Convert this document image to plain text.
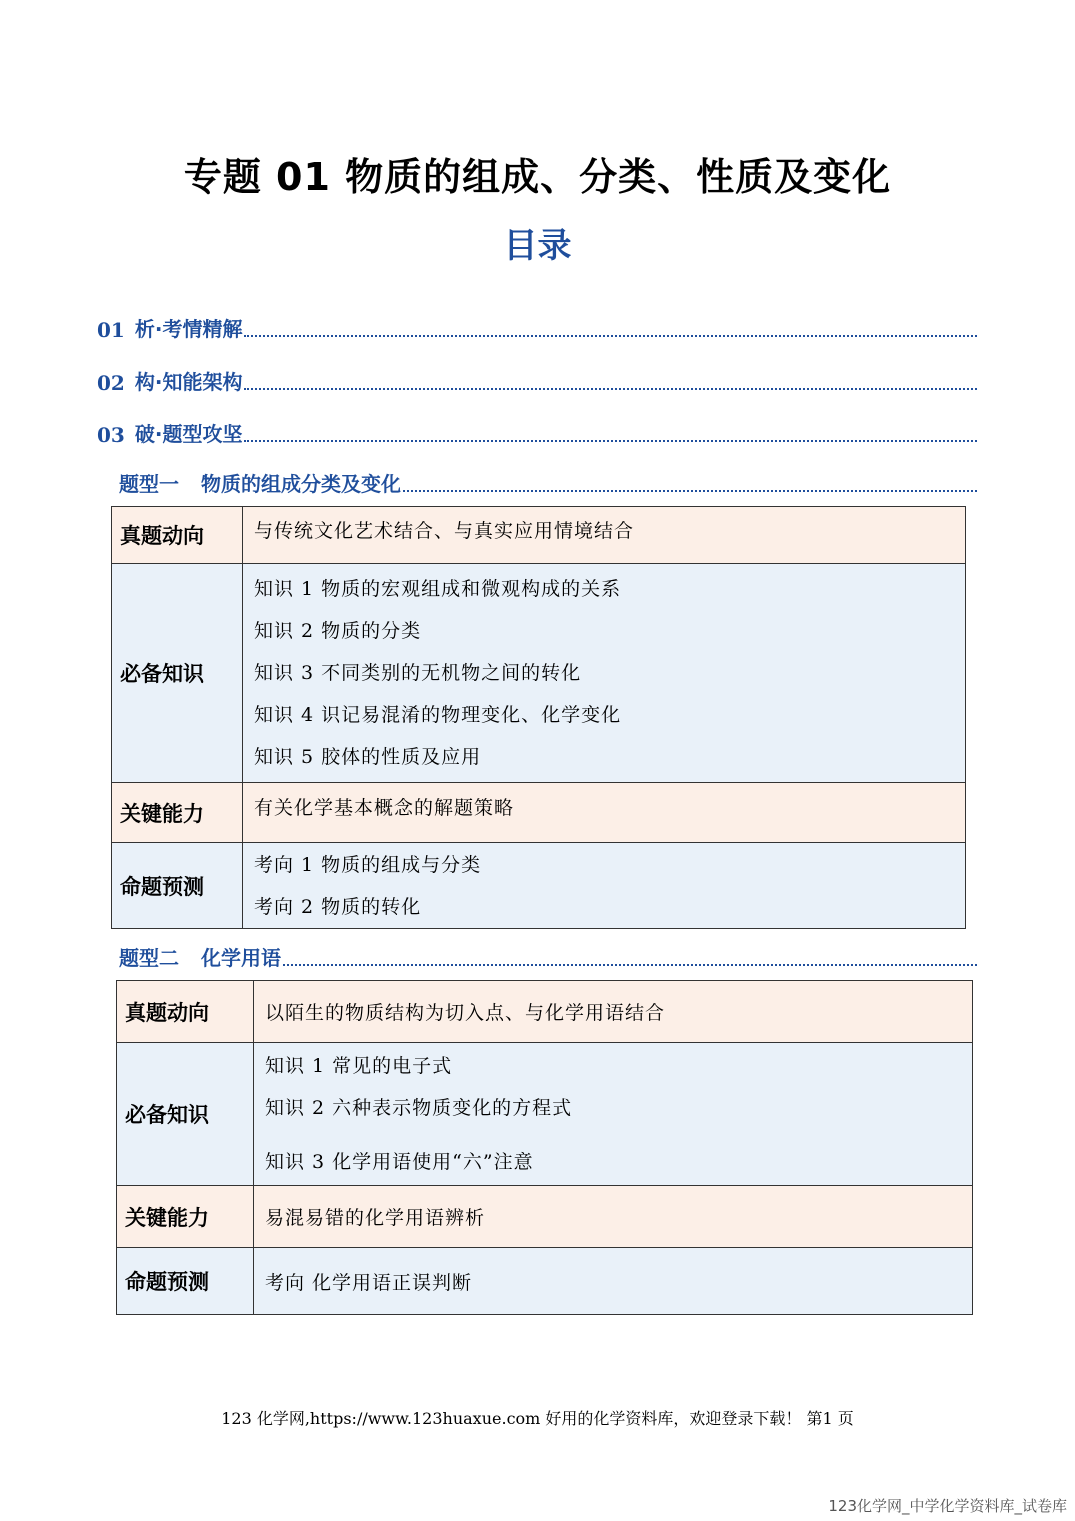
专题 01 物质的组成、分类、性质及变化
目录
01 析·考情精解
02 构·知能架构
03 破·题型攻坚
题型一 物质的组成分类及变化
真题动向	与传统文化艺术结合、与真实应用情境结合

必备知识	知识 1 物质的宏观组成和微观构成的关系
知识 2 物质的分类
知识 3 不同类别的无机物之间的转化
知识 4 识记易混淆的物理变化、化学变化
知识 5 胶体的性质及应用

关键能力	有关化学基本概念的解题策略

命题预测	考向 1 物质的组成与分类
考向 2 物质的转化
题型二 化学用语
真题动向	以陌生的物质结构为切入点、与化学用语结合

必备知识	知识 1 常见的电子式
知识 2 六种表示物质变化的方程式
知识 3 化学用语使用“六”注意

关键能力	易混易错的化学用语辨析

命题预测	考向 化学用语正误判断
123 化学网,https://www.123huaxue.com 好用的化学资料库，欢迎登录下载！ 第1 页
123化学网_中学化学资料库_试卷库
